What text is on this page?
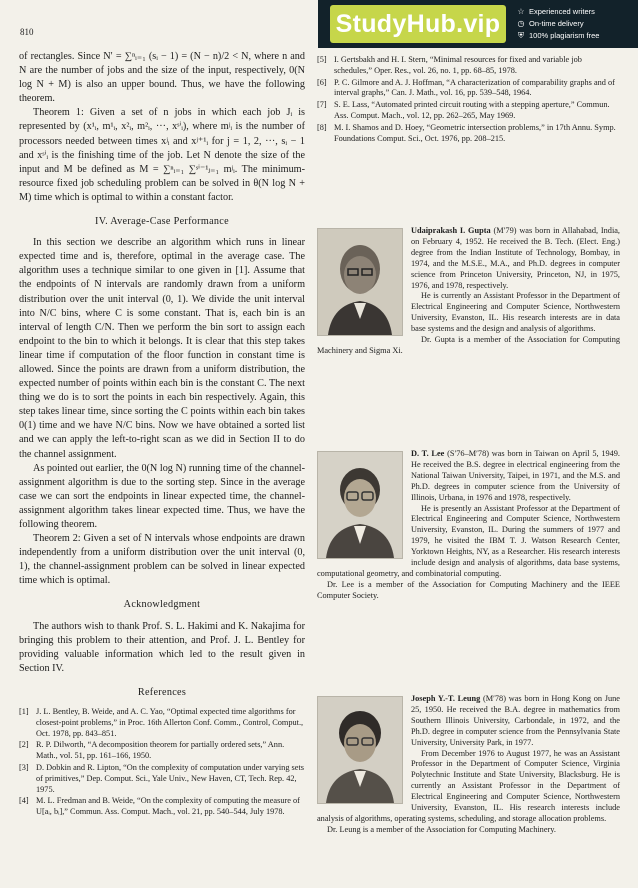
810	StudyHub.vip ☆ Experienced writers
◷ On-time delivery
⛨ 100% plagiarism free

of rectangles. Since N′ = ∑ⁿᵢ₌₁ (sᵢ − 1) = (N − n)/2 < N, where n and N are the number of jobs and the size of the input, respectively, 0(N log N + M) is also an upper bound. Thus, we have the following theorem.

Theorem 1: Given a set of n jobs in which each job Jᵢ is represented by (x¹ᵢ, m¹ᵢ, x²ᵢ, m²ᵢ, ···, xˢⁱᵢ), where mʲᵢ is the number of processors needed between times xʲᵢ and xʲ⁺¹ᵢ for j = 1, 2, ···, sᵢ − 1 and xˢⁱᵢ is the finishing time of the job. Let N denote the size of the input and M be defined as M = ∑ⁿᵢ₌₁ ∑ˢⁱ⁻¹ⱼ₌₁ mʲᵢ. The minimum-resource fixed job scheduling problem can be solved in θ(N log N + M) time which is optimal to within a constant factor.

IV. Average-Case Performance

In this section we describe an algorithm which runs in linear expected time and is, therefore, optimal in the average case. The algorithm uses a technique similar to one given in [1]. Assume that the endpoints of N intervals are randomly drawn from a uniform distribution over the unit interval (0, 1). We divide the unit interval into N/C bins, where C is some constant. That is, each bin is an interval of length C/N. Then we perform the bin sort to assign each endpoint to the bin to which it belongs. It is clear that this step takes linear time if computation of the floor function in constant time is allowed. Since the points are drawn from a uniform distribution, the expected number of points within each bin is the constant C. The next thing we do is to sort the points in each bin respectively. Again, this step takes linear time, since sorting the C points within each bin takes 0(1) time and we have N/C bins. Now we have obtained a sorted list and we can apply the left-to-right scan as we did in Section II to do the channel assignment.

As pointed out earlier, the 0(N log N) running time of the channel-assignment algorithm is due to the sorting step. Since in the average case we can sort the endpoints in linear expected time, the channel-assignment algorithm takes linear expected time. Thus, we have the following theorem.

Theorem 2: Given a set of N intervals whose endpoints are drawn independently from a uniform distribution over the unit interval (0, 1), the channel-assignment problem can be solved in linear expected time which is optimal.

Acknowledgment

The authors wish to thank Prof. S. L. Hakimi and K. Nakajima for bringing this problem to their attention, and Prof. J. L. Bentley for providing valuable information which led to the result given in Section IV.

References
[1] J. L. Bentley, B. Weide, and A. C. Yao, “Optimal expected time algorithms for closest-point problems,” in Proc. 16th Allerton Conf. Comm., Control, Comput., Oct. 1978, pp. 843–851.
[2] R. P. Dilworth, “A decomposition theorem for partially ordered sets,” Ann. Math., vol. 51, pp. 161–166, 1950.
[3] D. Dobkin and R. Lipton, “On the complexity of computation under varying sets of primitives,” Dep. Comput. Sci., Yale Univ., New Haven, CT, Tech. Rep. 42, 1975.
[4] M. L. Fredman and B. Weide, “On the complexity of computing the measure of U[aᵢ, bᵢ],” Commun. Ass. Comput. Mach., vol. 21, pp. 540–544, July 1978.
[5] I. Gertsbakh and H. I. Stern, “Minimal resources for fixed and variable job schedules,” Oper. Res., vol. 26, no. 1, pp. 68–85, 1978.
[6] P. C. Gilmore and A. J. Hoffman, “A characterization of comparability graphs and of interval graphs,” Can. J. Math., vol. 16, pp. 539–548, 1964.
[7] S. E. Lass, “Automated printed circuit routing with a stepping aperture,” Commun. Ass. Comput. Mach., vol. 12, pp. 262–265, May 1969.
[8] M. I. Shamos and D. Hoey, “Geometric intersection problems,” in 17th Annu. Symp. Foundations Comput. Sci., Oct. 1976, pp. 208–215.

Udaiprakash I. Gupta (M′79) was born in Allahabad, India, on February 4, 1952. He received the B. Tech. (Elect. Eng.) degree from the Indian Institute of Technology, Bombay, in 1974, and the M.S.E., M.A., and Ph.D. degrees in computer science from Princeton University, Princeton, NJ, in 1975, 1976, and 1978, respectively.

He is currently an Assistant Professor in the Department of Electrical Engineering and Computer Science, Northwestern University, Evanston, IL. His research interests are in data base systems and the design and analysis of algorithms.

Dr. Gupta is a member of the Association for Computing Machinery and Sigma Xi.

D. T. Lee (S′76–M′78) was born in Taiwan on April 5, 1949. He received the B.S. degree in electrical engineering from the National Taiwan University, Taipei, in 1971, and the M.S. and Ph.D. degrees in computer science from the University of Illinois, Urbana, in 1976 and 1978, respectively.

He is presently an Assistant Professor at the Department of Electrical Engineering and Computer Science, Northwestern University, Evanston, IL. During the summers of 1977 and 1979, he visited the IBM T. J. Watson Research Center, Yorktown Heights, NY, as a Researcher. His research interests include design and analysis of algorithms, data base systems, computational geometry, and combinatorial computing.

Dr. Lee is a member of the Association for Computing Machinery and the IEEE Computer Society.

Joseph Y.-T. Leung (M′78) was born in Hong Kong on June 25, 1950. He received the B.A. degree in mathematics from Southern Illinois University, Carbondale, in 1972, and the Ph.D. degree in computer science from the Pennsylvania State University, University Park, in 1977.

From December 1976 to August 1977, he was an Assistant Professor in the Department of Computer Science, Virginia Polytechnic Institute and State University, Blacksburg. He is currently an Assistant Professor in the Department of Electrical Engineering and Computer Science, Northwestern University, Evanston, IL. His research interests include analysis of algorithms, operating systems, scheduling, and storage allocation problems.

Dr. Leung is a member of the Association for Computing Machinery.
